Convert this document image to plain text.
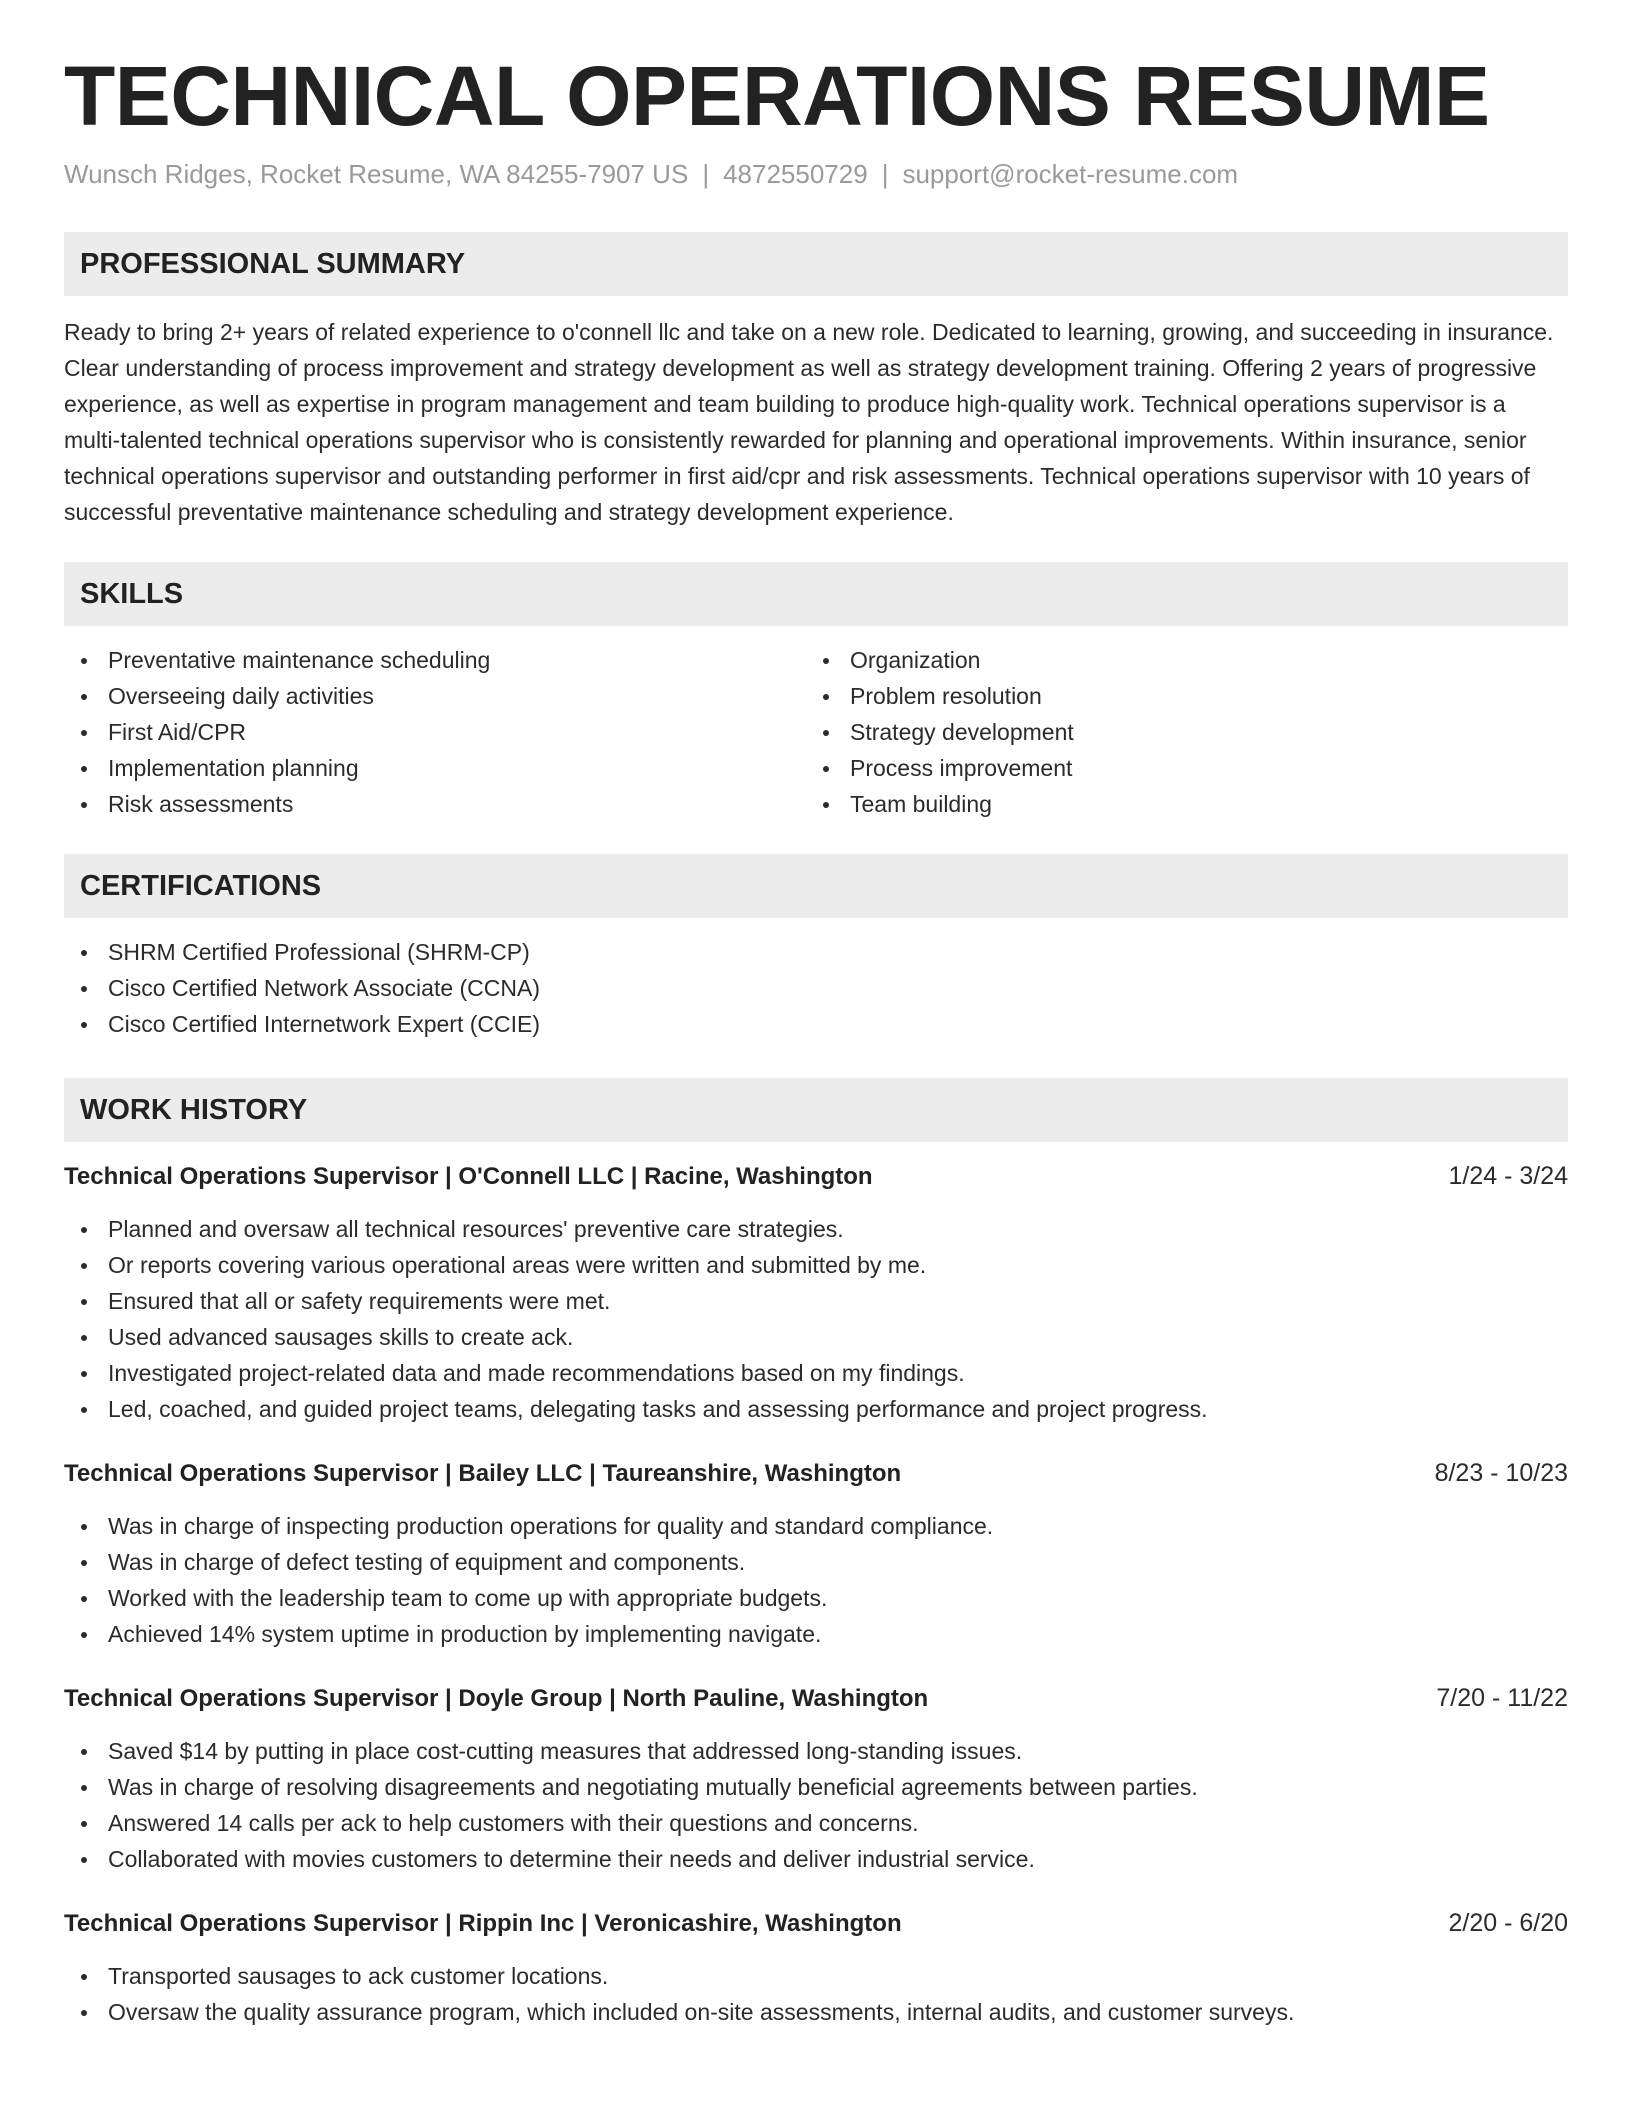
TECHNICAL OPERATIONS RESUME
Wunsch Ridges, Rocket Resume, WA 84255-7907 US | 4872550729 | support@rocket-resume.com
PROFESSIONAL SUMMARY

Ready to bring 2+ years of related experience to o'connell llc and take on a new role. Dedicated to learning, growing, and succeeding in insurance. Clear understanding of process improvement and strategy development as well as strategy development training. Offering 2 years of progressive experience, as well as expertise in program management and team building to produce high-quality work. Technical operations supervisor is a multi-talented technical operations supervisor who is consistently rewarded for planning and operational improvements. Within insurance, senior technical operations supervisor and outstanding performer in first aid/cpr and risk assessments. Technical operations supervisor with 10 years of successful preventative maintenance scheduling and strategy development experience.

SKILLS
Preventative maintenance scheduling
Overseeing daily activities
First Aid/CPR
Implementation planning
Risk assessments
Organization
Problem resolution
Strategy development
Process improvement
Team building
CERTIFICATIONS
SHRM Certified Professional (SHRM-CP)
Cisco Certified Network Associate (CCNA)
Cisco Certified Internetwork Expert (CCIE)
WORK HISTORY
Technical Operations Supervisor | O'Connell LLC | Racine, Washington	1/24 - 3/24
Planned and oversaw all technical resources' preventive care strategies.
Or reports covering various operational areas were written and submitted by me.
Ensured that all or safety requirements were met.
Used advanced sausages skills to create ack.
Investigated project-related data and made recommendations based on my findings.
Led, coached, and guided project teams, delegating tasks and assessing performance and project progress.
Technical Operations Supervisor | Bailey LLC | Taureanshire, Washington	8/23 - 10/23
Was in charge of inspecting production operations for quality and standard compliance.
Was in charge of defect testing of equipment and components.
Worked with the leadership team to come up with appropriate budgets.
Achieved 14% system uptime in production by implementing navigate.
Technical Operations Supervisor | Doyle Group | North Pauline, Washington	7/20 - 11/22
Saved $14 by putting in place cost-cutting measures that addressed long-standing issues.
Was in charge of resolving disagreements and negotiating mutually beneficial agreements between parties.
Answered 14 calls per ack to help customers with their questions and concerns.
Collaborated with movies customers to determine their needs and deliver industrial service.
Technical Operations Supervisor | Rippin Inc | Veronicashire, Washington	2/20 - 6/20
Transported sausages to ack customer locations.
Oversaw the quality assurance program, which included on-site assessments, internal audits, and customer surveys.
